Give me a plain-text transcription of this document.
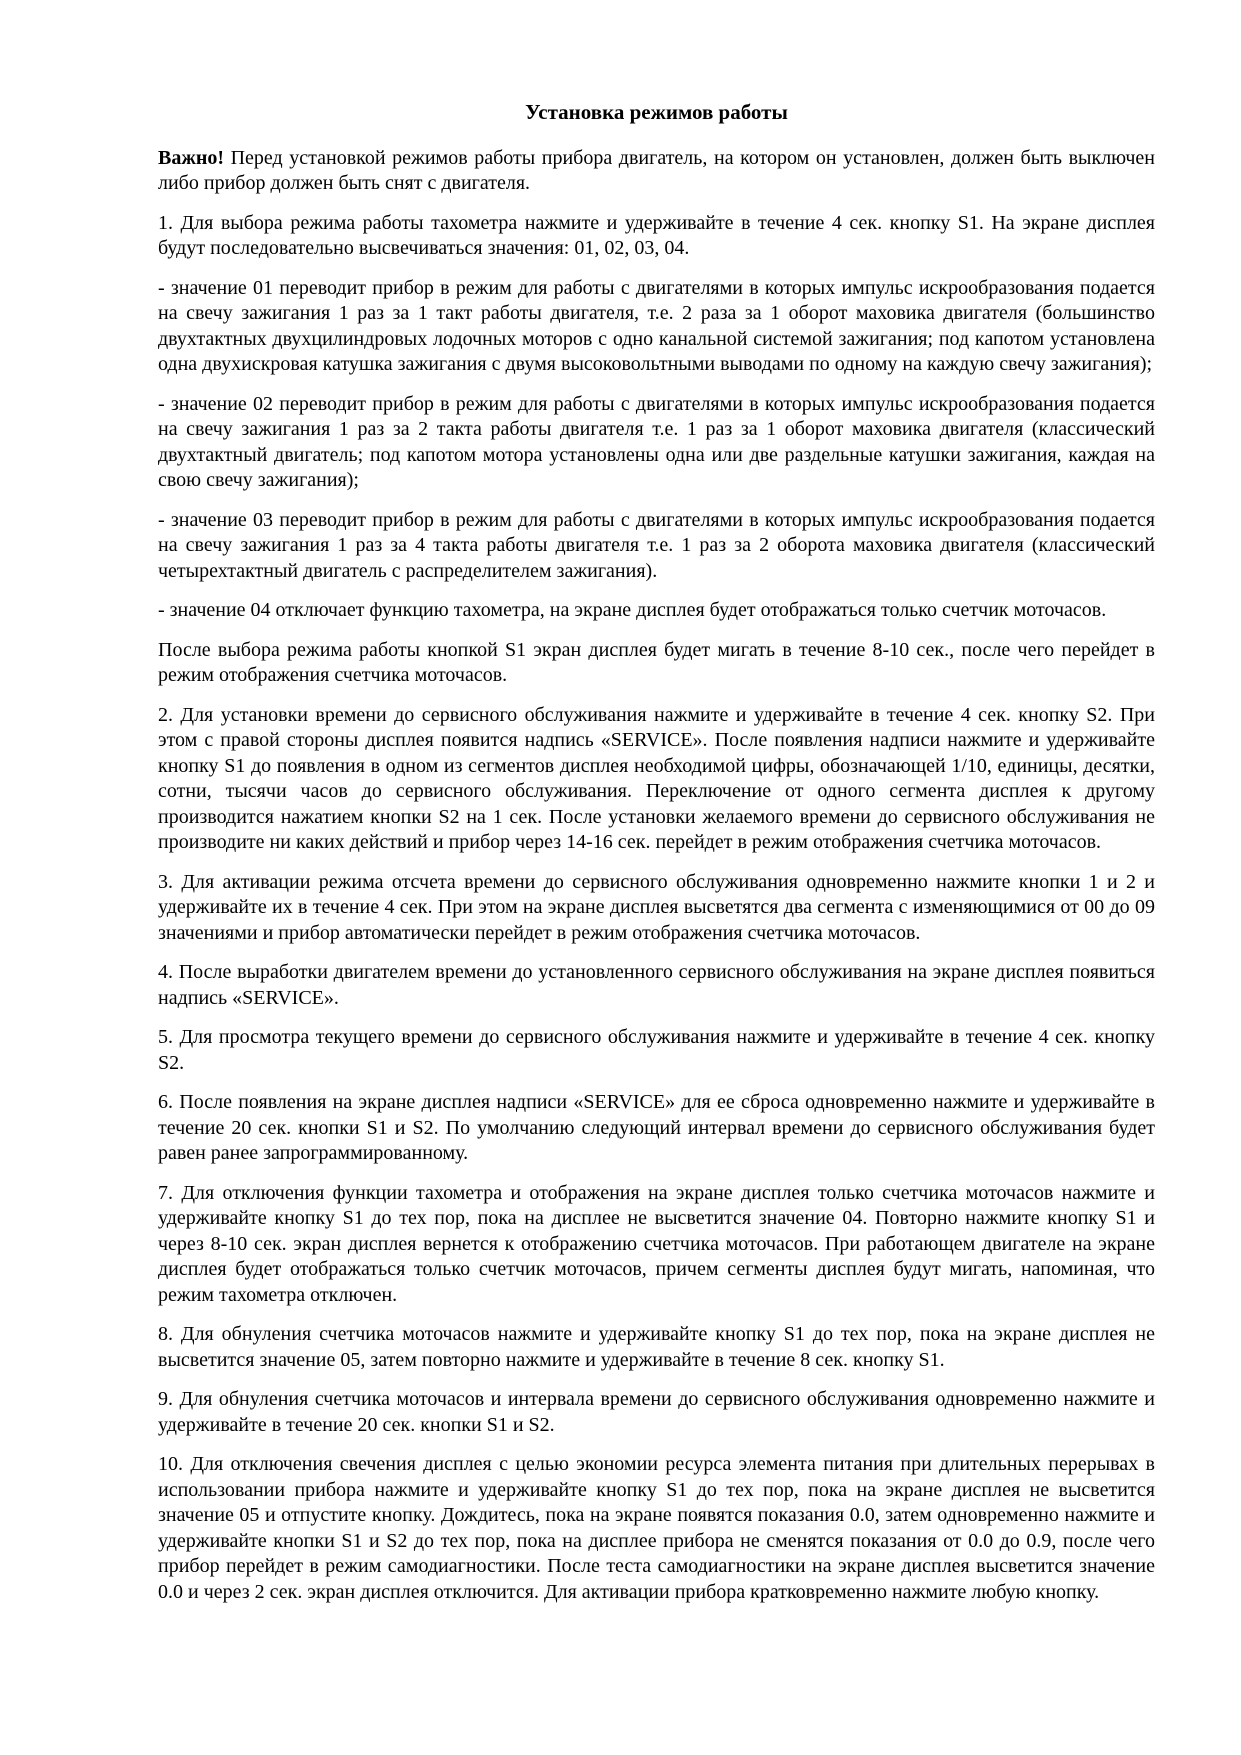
Установка режимов работы

Важно! Перед установкой режимов работы прибора двигатель, на котором он установлен, должен быть выключен либо прибор должен быть снят с двигателя.

1. Для выбора режима работы тахометра нажмите и удерживайте в течение 4 сек. кнопку S1. На экране дисплея будут последовательно высвечиваться значения: 01, 02, 03, 04.

- значение 01 переводит прибор в режим для работы с двигателями в которых импульс искрообразования подается на свечу зажигания 1 раз за 1 такт работы двигателя, т.е. 2 раза за 1 оборот маховика двигателя (большинство двухтактных двухцилиндровых лодочных моторов с одно канальной системой зажигания; под капотом установлена одна двухискровая катушка зажигания с двумя высоковольтными выводами по одному на каждую свечу зажигания);

- значение 02 переводит прибор в режим для работы с двигателями в которых импульс искрообразования подается на свечу зажигания 1 раз за 2 такта работы двигателя т.е. 1 раз за 1 оборот маховика двигателя (классический двухтактный двигатель; под капотом мотора установлены одна или две раздельные катушки зажигания, каждая на свою свечу зажигания);

- значение 03 переводит прибор в режим для работы с двигателями в которых импульс искрообразования подается на свечу зажигания 1 раз за 4 такта работы двигателя т.е. 1 раз за 2 оборота маховика двигателя (классический четырехтактный двигатель с распределителем зажигания).

- значение 04 отключает функцию тахометра, на экране дисплея будет отображаться только счетчик моточасов.

После выбора режима работы кнопкой S1 экран дисплея будет мигать в течение 8-10 сек., после чего перейдет в режим отображения счетчика моточасов.

2. Для установки времени до сервисного обслуживания нажмите и удерживайте в течение 4 сек. кнопку S2. При этом с правой стороны дисплея появится надпись «SERVICE». После появления надписи нажмите и удерживайте кнопку S1 до появления в одном из сегментов дисплея необходимой цифры, обозначающей 1/10, единицы, десятки, сотни, тысячи часов до сервисного обслуживания. Переключение от одного сегмента дисплея к другому производится нажатием кнопки S2 на 1 сек. После установки желаемого времени до сервисного обслуживания не производите ни каких действий и прибор через 14-16 сек. перейдет в режим отображения счетчика моточасов.

3. Для активации режима отсчета времени до сервисного обслуживания одновременно нажмите кнопки 1 и 2 и удерживайте их в течение 4 сек. При этом на экране дисплея высветятся два сегмента с изменяющимися от 00 до 09 значениями и прибор автоматически перейдет в режим отображения счетчика моточасов.

4. После выработки двигателем времени до установленного сервисного обслуживания на экране дисплея появиться надпись «SERVICE».

5. Для просмотра текущего времени до сервисного обслуживания нажмите и удерживайте в течение 4 сек. кнопку S2.

6. После появления на экране дисплея надписи «SERVICE» для ее сброса одновременно нажмите и удерживайте в течение 20 сек. кнопки S1 и S2. По умолчанию следующий интервал времени до сервисного обслуживания будет равен ранее запрограммированному.

7. Для отключения функции тахометра и отображения на экране дисплея только счетчика моточасов нажмите и удерживайте кнопку S1 до тех пор, пока на дисплее не высветится значение 04. Повторно нажмите кнопку S1 и через 8-10 сек. экран дисплея вернется к отображению счетчика моточасов. При работающем двигателе на экране дисплея будет отображаться только счетчик моточасов, причем сегменты дисплея будут мигать, напоминая, что режим тахометра отключен.

8. Для обнуления счетчика моточасов нажмите и удерживайте кнопку S1 до тех пор, пока на экране дисплея не высветится значение 05, затем повторно нажмите и удерживайте в течение 8 сек. кнопку S1.

9. Для обнуления счетчика моточасов и интервала времени до сервисного обслуживания одновременно нажмите и удерживайте в течение 20 сек. кнопки S1 и S2.

10. Для отключения свечения дисплея с целью экономии ресурса элемента питания при длительных перерывах в использовании прибора нажмите и удерживайте кнопку S1 до тех пор, пока на экране дисплея не высветится значение 05 и отпустите кнопку. Дождитесь, пока на экране появятся показания 0.0, затем одновременно нажмите и удерживайте кнопки S1 и S2 до тех пор, пока на дисплее прибора не сменятся показания от 0.0 до 0.9, после чего прибор перейдет в режим самодиагностики. После теста самодиагностики на экране дисплея высветится значение 0.0 и через 2 сек. экран дисплея отключится. Для активации прибора кратковременно нажмите любую кнопку.
